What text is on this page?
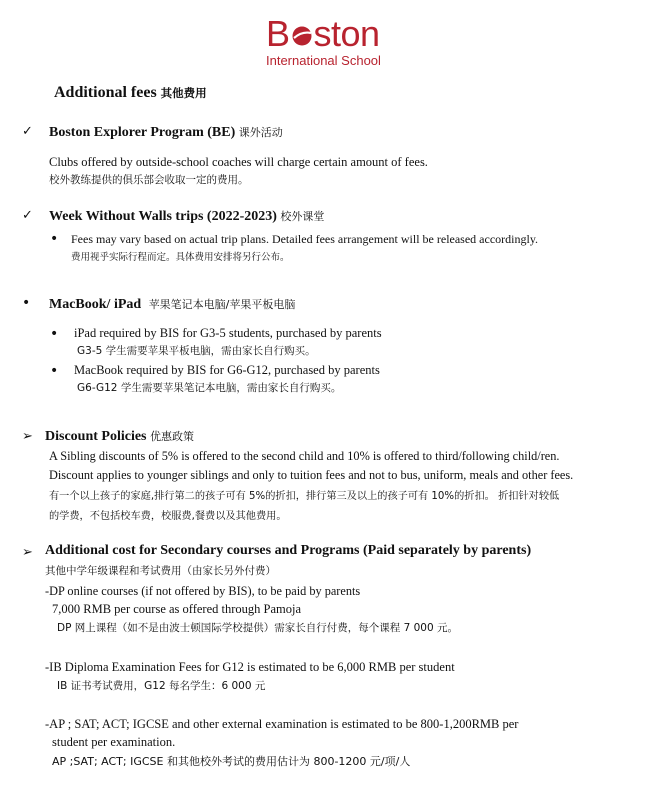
B ston
International School
Additional fees 其他费用
✓ Boston Explorer Program (BE) 课外活动
Clubs offered by outside-school coaches will charge certain amount of fees.
校外教练提供的俱乐部会收取一定的费用。
✓ Week Without Walls trips (2022-2023) 校外课堂
• Fees may vary based on actual trip plans. Detailed fees arrangement will be released accordingly.
费用视乎实际行程而定。具体费用安排将另行公布。
• MacBook/ iPad 苹果笔记本电脑/苹果平板电脑
• iPad required by BIS for G3-5 students, purchased by parents
G3-5 学生需要苹果平板电脑，需由家长自行购买。
• MacBook required by BIS for G6-G12, purchased by parents
G6-G12 学生需要苹果笔记本电脑，需由家长自行购买。
➢ Discount Policies 优惠政策
A Sibling discounts of 5% is offered to the second child and 10% is offered to third/following child/ren.
Discount applies to younger siblings and only to tuition fees and not to bus, uniform, meals and other fees.
有一个以上孩子的家庭,排行第二的孩子可有 5%的折扣，排行第三及以上的孩子可有 10%的折扣。 折扣针对较低
的学费，不包括校车费，校服费,餐费以及其他费用。
➢ Additional cost for Secondary courses and Programs (Paid separately by parents)
其他中学年级课程和考试费用（由家长另外付费）
-DP online courses (if not offered by BIS), to be paid by parents
7,000 RMB per course as offered through Pamoja
DP 网上课程（如不是由波士顿国际学校提供）需家长自行付费，每个课程 7 000 元。
-IB Diploma Examination Fees for G12 is estimated to be 6,000 RMB per student
IB 证书考试费用，G12 每名学生：6 000 元
-AP ; SAT; ACT; IGCSE and other external examination is estimated to be 800-1,200RMB per
student per examination.
AP ;SAT; ACT; IGCSE 和其他校外考试的费用估计为 800-1200 元/项/人
